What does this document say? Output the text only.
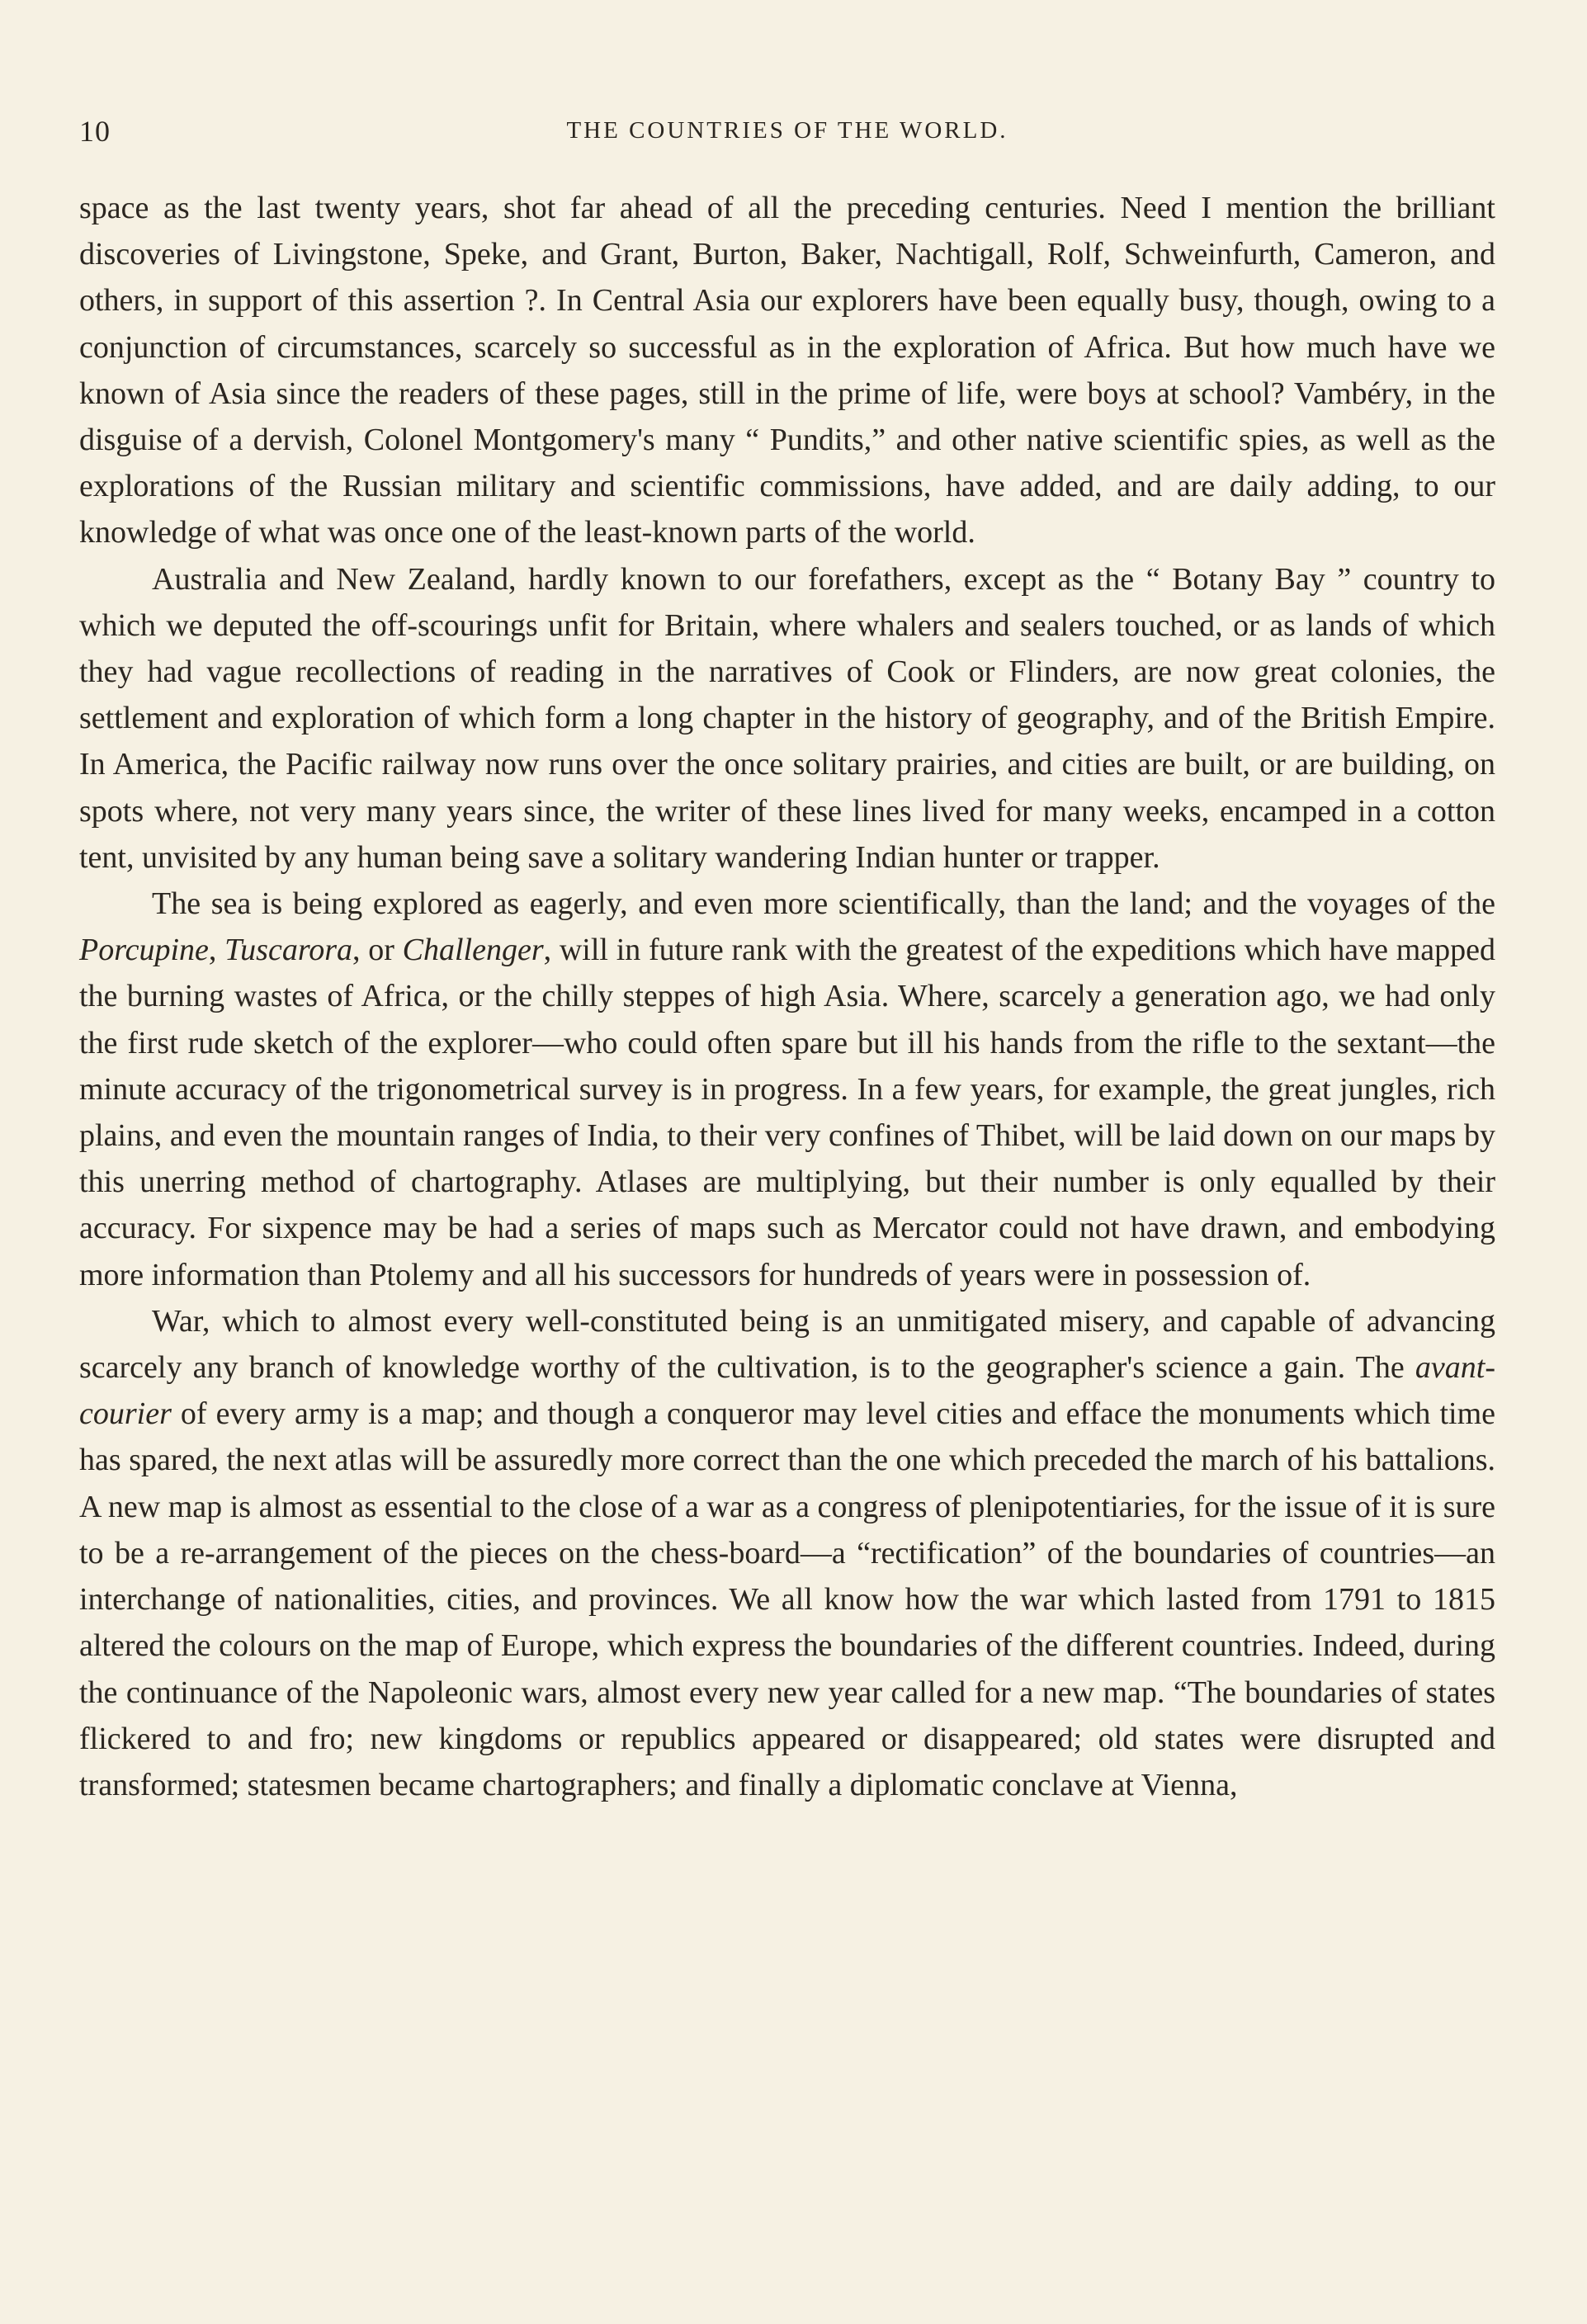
10	THE COUNTRIES OF THE WORLD.

space as the last twenty years, shot far ahead of all the preceding centuries. Need I mention the brilliant discoveries of Livingstone, Speke, and Grant, Burton, Baker, Nachtigall, Rolf, Schweinfurth, Cameron, and others, in support of this assertion ?. In Central Asia our explorers have been equally busy, though, owing to a conjunction of circumstances, scarcely so successful as in the exploration of Africa. But how much have we known of Asia since the readers of these pages, still in the prime of life, were boys at school? Vambéry, in the disguise of a dervish, Colonel Montgomery's many “ Pundits,” and other native scientific spies, as well as the explorations of the Russian military and scientific commissions, have added, and are daily adding, to our knowledge of what was once one of the least-known parts of the world.

Australia and New Zealand, hardly known to our forefathers, except as the “ Botany Bay ” country to which we deputed the off-scourings unfit for Britain, where whalers and sealers touched, or as lands of which they had vague recollections of reading in the narratives of Cook or Flinders, are now great colonies, the settlement and exploration of which form a long chapter in the history of geography, and of the British Empire. In America, the Pacific railway now runs over the once solitary prairies, and cities are built, or are building, on spots where, not very many years since, the writer of these lines lived for many weeks, encamped in a cotton tent, unvisited by any human being save a solitary wandering Indian hunter or trapper.

The sea is being explored as eagerly, and even more scientifically, than the land; and the voyages of the Porcupine, Tuscarora, or Challenger, will in future rank with the greatest of the expeditions which have mapped the burning wastes of Africa, or the chilly steppes of high Asia. Where, scarcely a generation ago, we had only the first rude sketch of the explorer—who could often spare but ill his hands from the rifle to the sextant—the minute accuracy of the trigonometrical survey is in progress. In a few years, for example, the great jungles, rich plains, and even the mountain ranges of India, to their very confines of Thibet, will be laid down on our maps by this unerring method of chartography. Atlases are multiplying, but their number is only equalled by their accuracy. For sixpence may be had a series of maps such as Mercator could not have drawn, and embodying more information than Ptolemy and all his successors for hundreds of years were in possession of.

War, which to almost every well-constituted being is an unmitigated misery, and capable of advancing scarcely any branch of knowledge worthy of the cultivation, is to the geographer's science a gain. The avant-courier of every army is a map; and though a conqueror may level cities and efface the monuments which time has spared, the next atlas will be assuredly more correct than the one which preceded the march of his battalions. A new map is almost as essential to the close of a war as a congress of plenipotentiaries, for the issue of it is sure to be a re-arrangement of the pieces on the chess-board—a “rectification” of the boundaries of countries—an interchange of nationalities, cities, and provinces. We all know how the war which lasted from 1791 to 1815 altered the colours on the map of Europe, which express the boundaries of the different countries. Indeed, during the continuance of the Napoleonic wars, almost every new year called for a new map. “The boundaries of states flickered to and fro; new kingdoms or republics appeared or disappeared; old states were disrupted and transformed; statesmen became chartographers; and finally a diplomatic conclave at Vienna,
